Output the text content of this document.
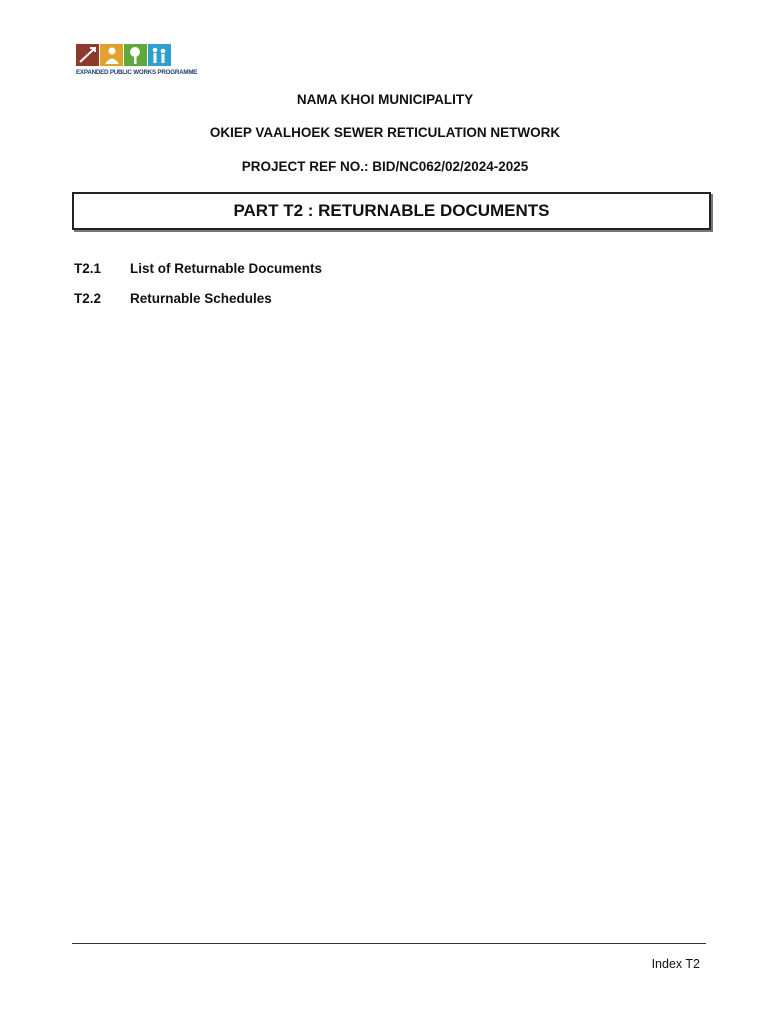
EXPANDED PUBLIC WORKS PROGRAMME
NAMA KHOI MUNICIPALITY
OKIEP VAALHOEK SEWER RETICULATION NETWORK
PROJECT REF NO.: BID/NC062/02/2024-2025
PART T2 : RETURNABLE DOCUMENTS
T2.1	List of Returnable Documents
T2.2	Returnable Schedules
Index T2
